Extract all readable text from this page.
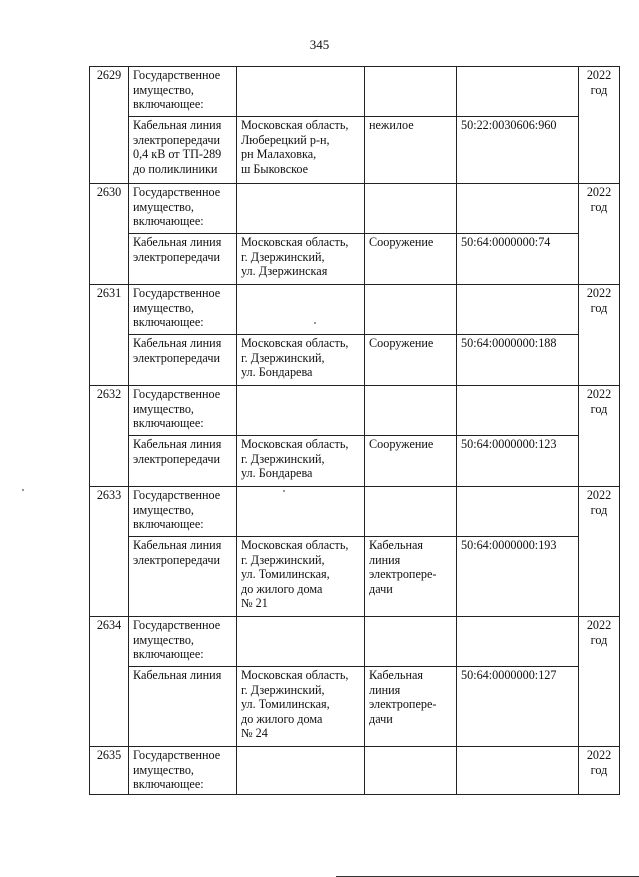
345
2629	Государственное
имущество,
включающее:				2022
год

	Кабельная линия
электропередачи
0,4 кВ от ТП-289
до поликлиники	Московская область,
Люберецкий р-н,
рн Малаховка,
ш Быковское	нежилое	50:22:0030606:960	

2630	Государственное
имущество,
включающее:				2022
год

	Кабельная линия
электропередачи	Московская область,
г. Дзержинский,
ул. Дзержинская	Сооружение	50:64:0000000:74	

2631	Государственное
имущество,
включающее:				2022
год

	Кабельная линия
электропередачи	Московская область,
г. Дзержинский,
ул. Бондарева	Сооружение	50:64:0000000:188	

2632	Государственное
имущество,
включающее:				2022
год

	Кабельная линия
электропередачи	Московская область,
г. Дзержинский,
ул. Бондарева	Сооружение	50:64:0000000:123	

2633	Государственное
имущество,
включающее:				2022
год

	Кабельная линия
электропередачи	Московская область,
г. Дзержинский,
ул. Томилинская,
до жилого дома
№ 21	Кабельная
линия
электропере-
дачи	50:64:0000000:193	

2634	Государственное
имущество,
включающее:				2022
год

	Кабельная линия	Московская область,
г. Дзержинский,
ул. Томилинская,
до жилого дома
№ 24	Кабельная
линия
электропере-
дачи	50:64:0000000:127	

2635	Государственное
имущество,
включающее:				2022
год
